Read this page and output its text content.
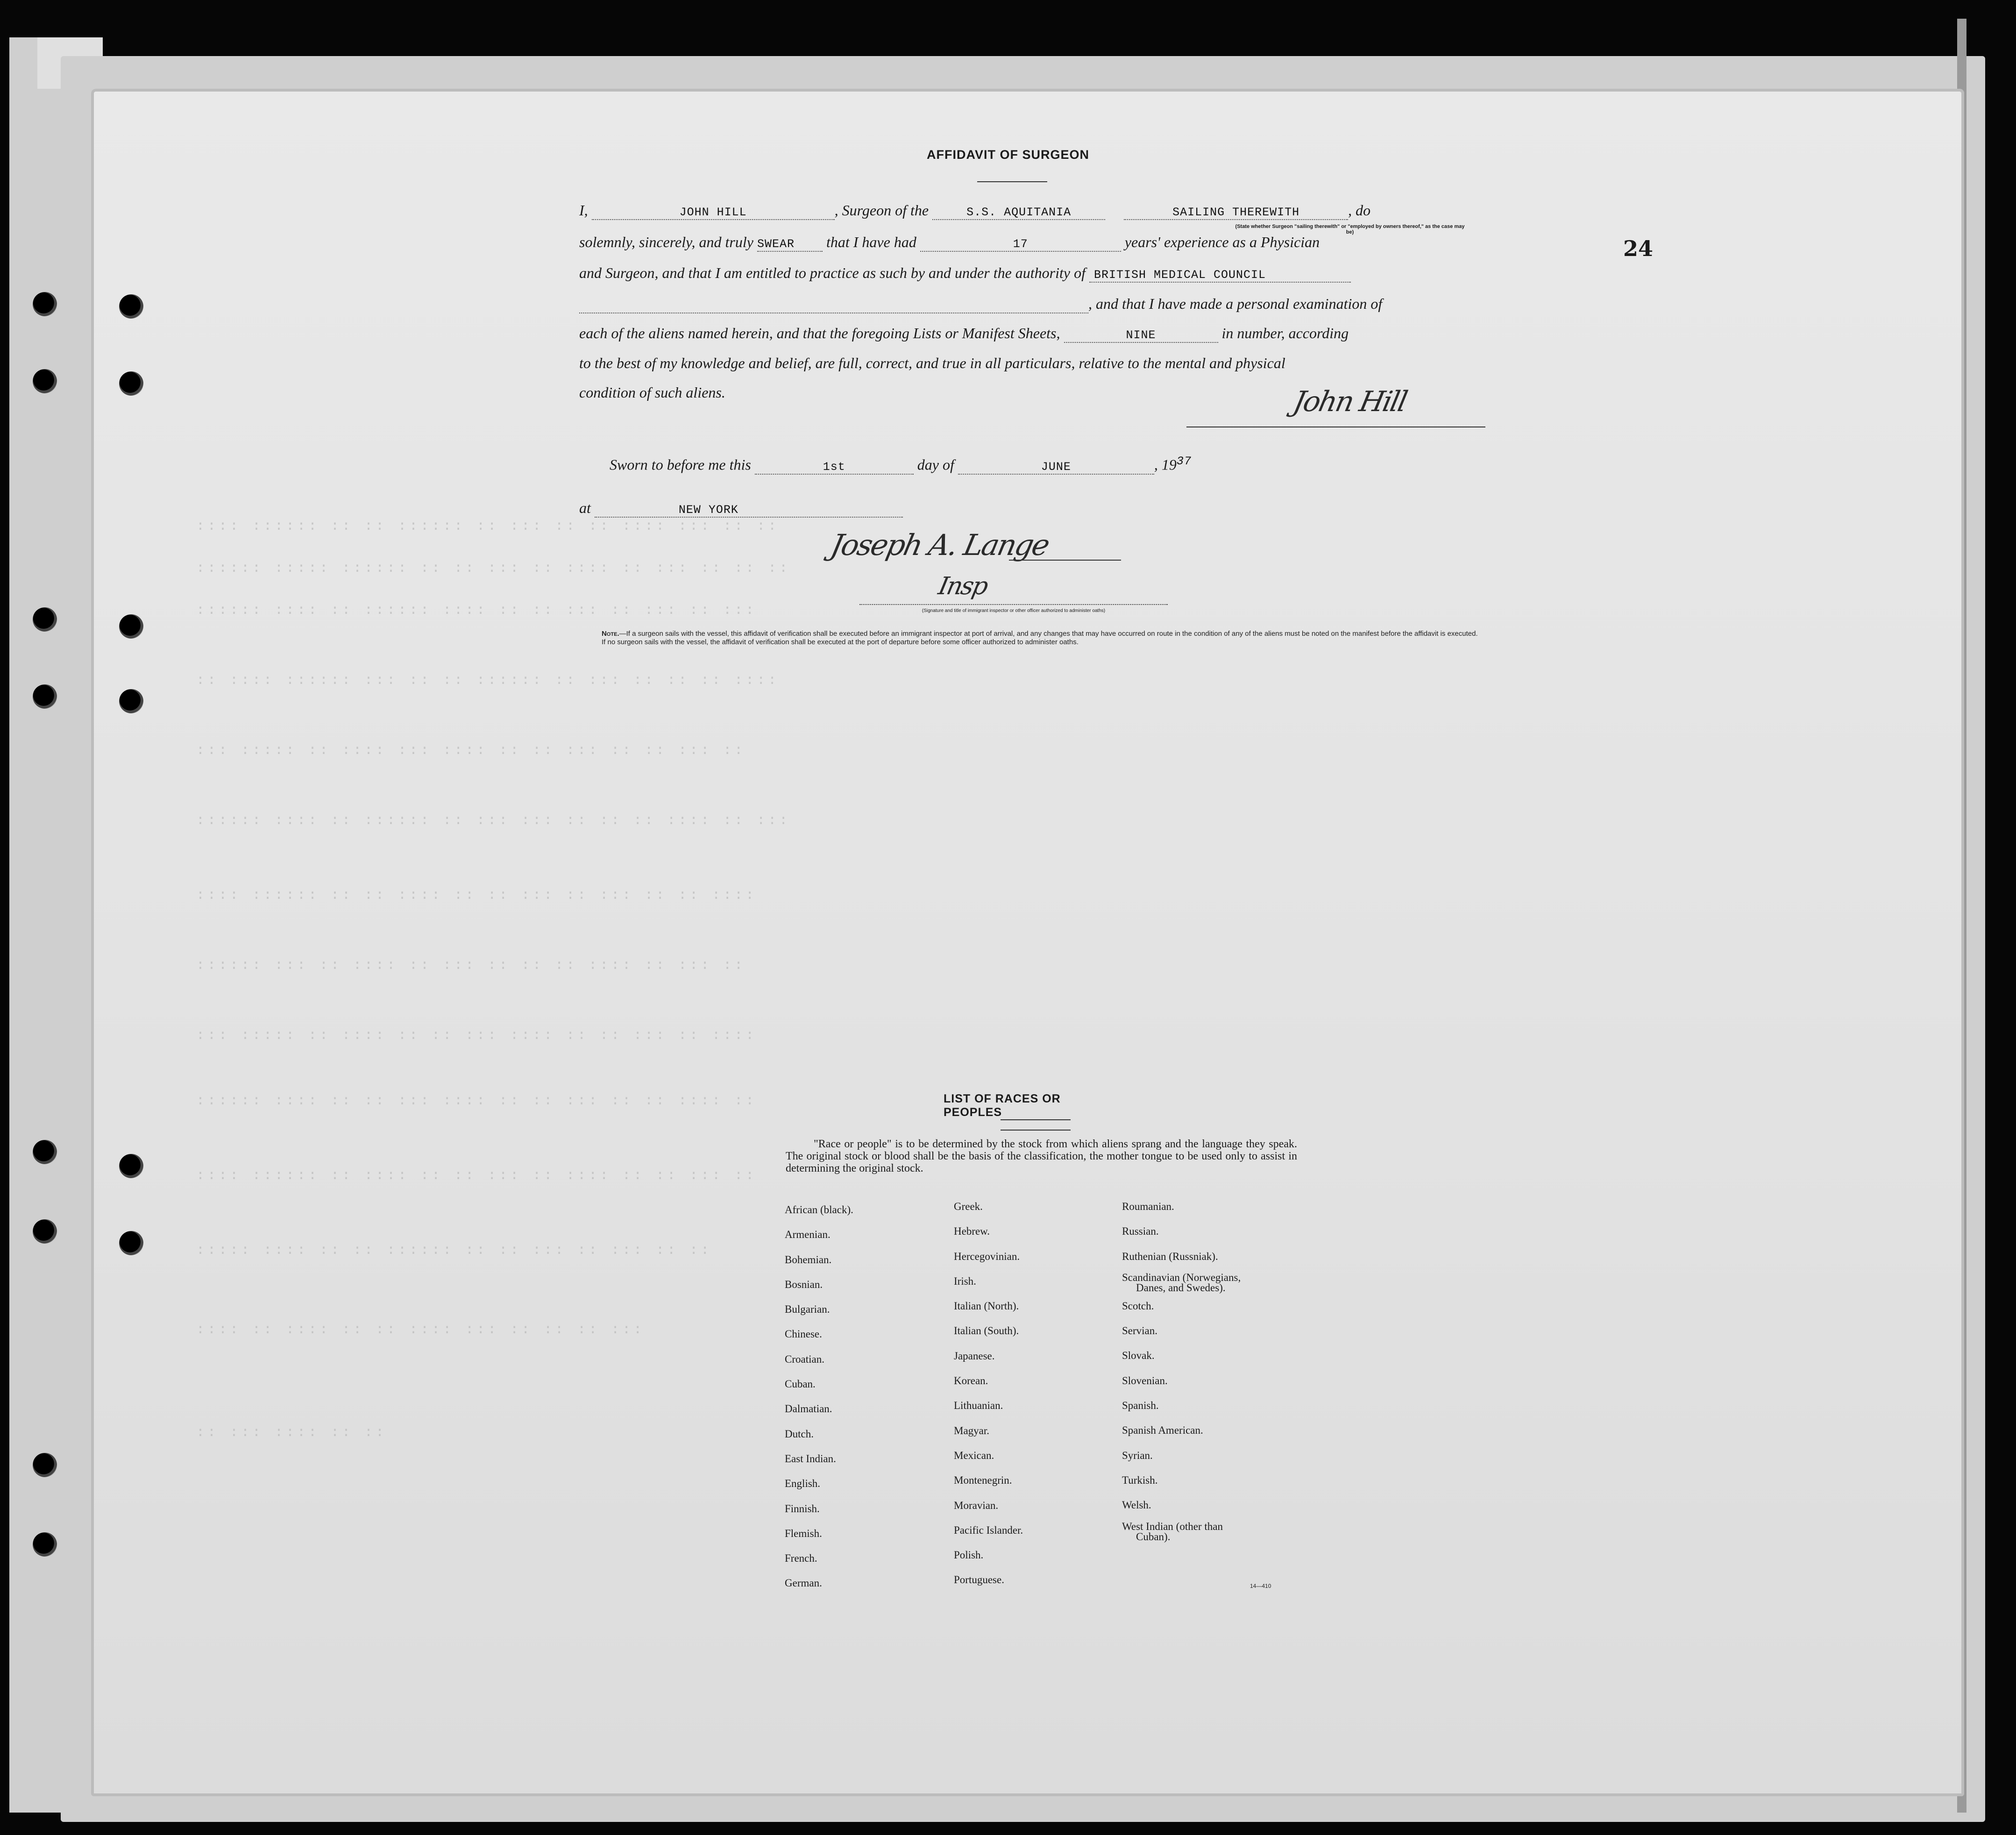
:::: :::::: :: :: :::::: :: ::: :: :: :::: ::: :: ::
:::::: ::::: :::::: :: :: ::: :: :::: :: ::: :: :: ::
:::::: :::: :: :::::: :::: :: :: ::: :: ::: :: :::
:: :::: :::::: ::: :: :: :::::: :: ::: :: :: :: ::::
::: ::::: :: :::: ::: :::: :: :: ::: :: :: ::: ::
:::::: :::: :: :::::: :: ::: ::: :: :: :: :::: :: :::
:::: :::::: :: :: :::: :: :: ::: :: ::: :: :: ::::
:::::: ::: :: :::: :: ::: :: :: :: :::: :: ::: ::
::: ::::: :: :::: :: :: ::: :::: :: :: ::: :: ::::
:::::: :::: :: :: ::: :::: :: :: ::: :: :: :::: ::
:::: :::::: :: :::: :: :: ::: :: :::: :: :: ::: ::
::::: :::: :: :: :::::: :: :: ::: :: ::: :: ::
:::: :: :::: :: :: :::: ::: :: :: :: :::
:: ::: :::: :: ::
24
AFFIDAVIT OF SURGEON
I,	JOHN HILL	, Surgeon of the	S.S. AQUITANIA	SAILING THEREWITH	, do
(State whether Surgeon "sailing therewith" or "employed by owners thereof," as the case may be)
solemnly, sincerely, and truly SWEAR that I have had	17	years' experience as a Physician
and Surgeon, and that I am entitled to practice as such by and under the authority of BRITISH MEDICAL COUNCIL
, and that I have made a personal examination of
each of the aliens named herein, and that the foregoing Lists or Manifest Sheets,	NINE	in number, according
to the best of my knowledge and belief, are full, correct, and true in all particulars, relative to the mental and physical
condition of such aliens.	John Hill
Sworn to before me this	1st	day of	JUNE	, $19^{37}$
at	NEW YORK
Joseph A. Lange
Insp
(Signature and title of immigrant inspector or other officer authorized to administer oaths)
Note.—If a surgeon sails with the vessel, this affidavit of verification shall be executed before an immigrant inspector at port of arrival, and any changes that may have occurred on route in the condition of any of the aliens must be noted on the manifest before the affidavit is executed.
If no surgeon sails with the vessel, the affidavit of verification shall be executed at the port of departure before some officer authorized to administer oaths.
LIST OF RACES OR PEOPLES
"Race or people" is to be determined by the stock from which aliens sprang and the language they speak. The original stock or blood shall be the basis of the classification, the mother tongue to be used only to assist in determining the original stock.
African (black).
Armenian.
Bohemian.
Bosnian.
Bulgarian.
Chinese.
Croatian.
Cuban.
Dalmatian.
Dutch.
East Indian.
English.
Finnish.
Flemish.
French.
German.
Greek.
Hebrew.
Hercegovinian.
Irish.
Italian (North).
Italian (South).
Japanese.
Korean.
Lithuanian.
Magyar.
Mexican.
Montenegrin.
Moravian.
Pacific Islander.
Polish.
Portuguese.
Roumanian.
Russian.
Ruthenian (Russniak).
Scandinavian (Norwegians,
Danes, and Swedes).
Scotch.
Servian.
Slovak.
Slovenian.
Spanish.
Spanish American.
Syrian.
Turkish.
Welsh.
West Indian (other than
Cuban).
14—410
